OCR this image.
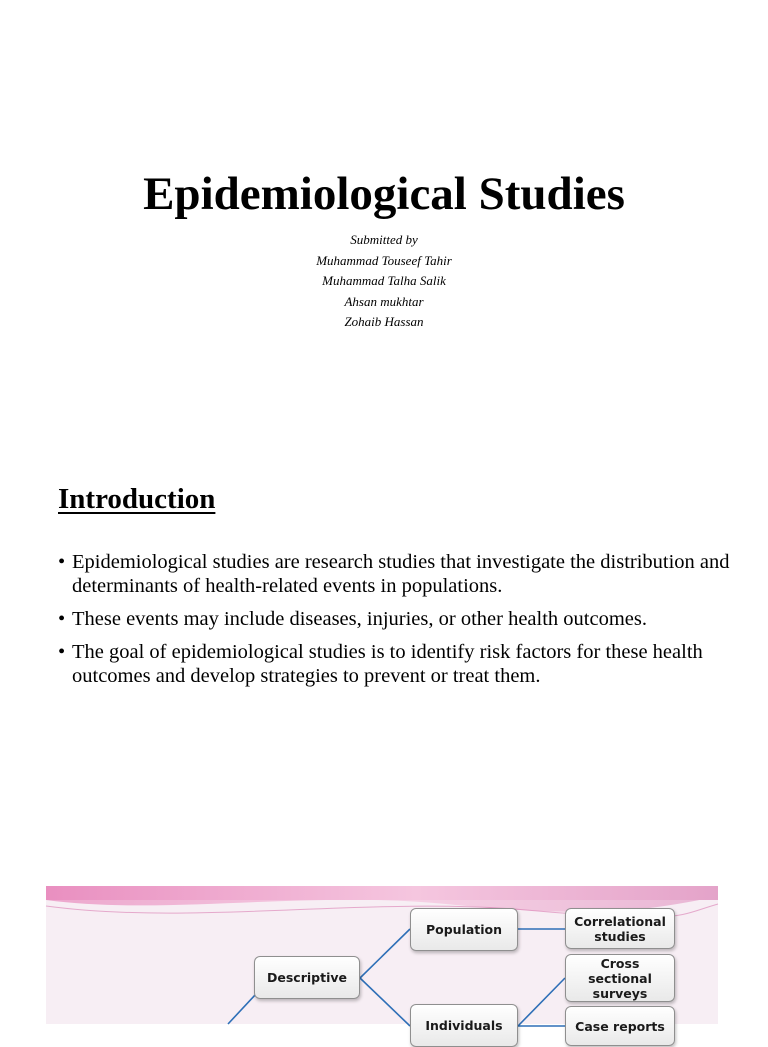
Epidemiological Studies
Submitted by
Muhammad Touseef Tahir
Muhammad Talha Salik
Ahsan mukhtar
Zohaib Hassan
Introduction
• Epidemiological studies are research studies that investigate the distribution and determinants of health-related events in populations.
• These events may include diseases, injuries, or other health outcomes.
• The goal of epidemiological studies is to identify risk factors for these health outcomes and develop strategies to prevent or treat them.
Descriptive
Population
Individuals
Correlational studies
Cross sectional surveys
Case reports
